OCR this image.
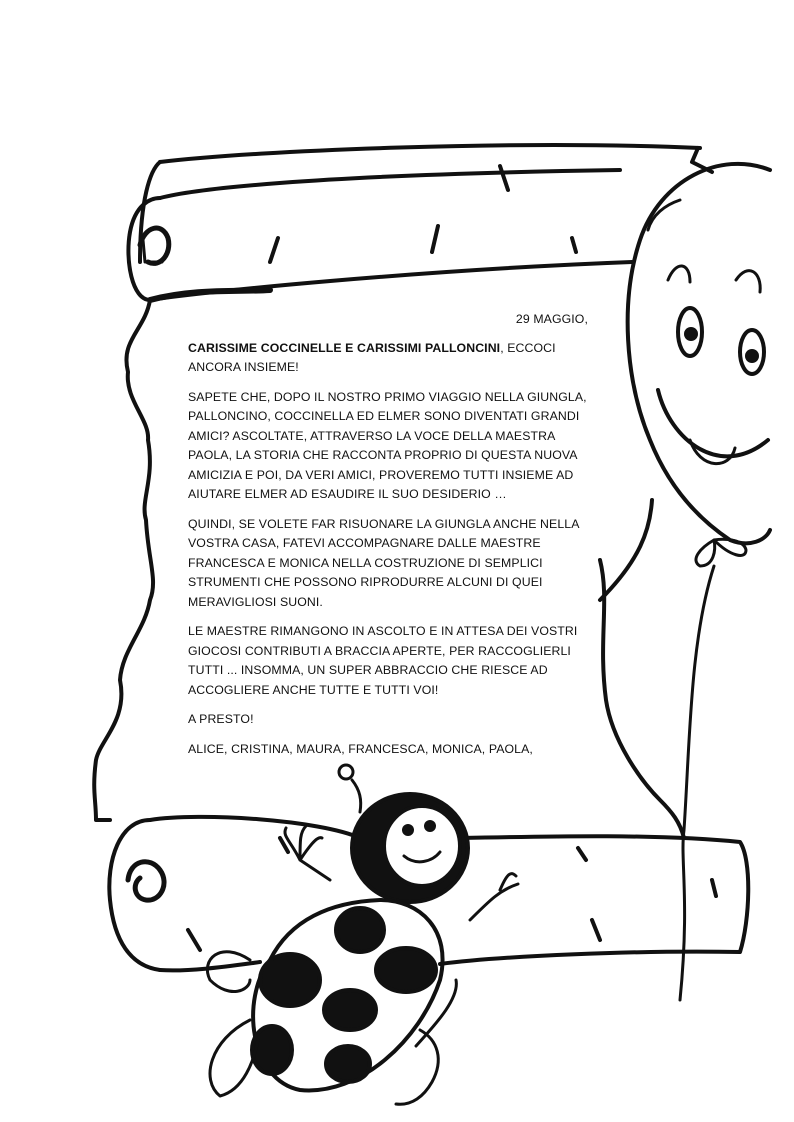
29 MAGGIO,

CARISSIME COCCINELLE E CARISSIMI PALLONCINI, ECCOCI ANCORA INSIEME!

SAPETE CHE, DOPO IL NOSTRO PRIMO VIAGGIO NELLA GIUNGLA, PALLONCINO, COCCINELLA ED ELMER SONO DIVENTATI GRANDI AMICI? ASCOLTATE, ATTRAVERSO LA VOCE DELLA MAESTRA PAOLA, LA STORIA CHE RACCONTA PROPRIO DI QUESTA NUOVA AMICIZIA E POI, DA VERI AMICI, PROVEREMO TUTTI INSIEME AD AIUTARE ELMER AD ESAUDIRE IL SUO DESIDERIO …

QUINDI, SE VOLETE FAR RISUONARE LA GIUNGLA ANCHE NELLA VOSTRA CASA, FATEVI ACCOMPAGNARE DALLE MAESTRE FRANCESCA E MONICA NELLA COSTRUZIONE DI SEMPLICI STRUMENTI CHE POSSONO RIPRODURRE ALCUNI DI QUEI MERAVIGLIOSI SUONI.

LE MAESTRE RIMANGONO IN ASCOLTO E IN ATTESA DEI VOSTRI GIOCOSI CONTRIBUTI A BRACCIA APERTE, PER RACCOGLIERLI TUTTI ... INSOMMA, UN SUPER ABBRACCIO CHE RIESCE AD ACCOGLIERE ANCHE TUTTE E TUTTI VOI!

A PRESTO!

ALICE, CRISTINA, MAURA, FRANCESCA, MONICA, PAOLA,
